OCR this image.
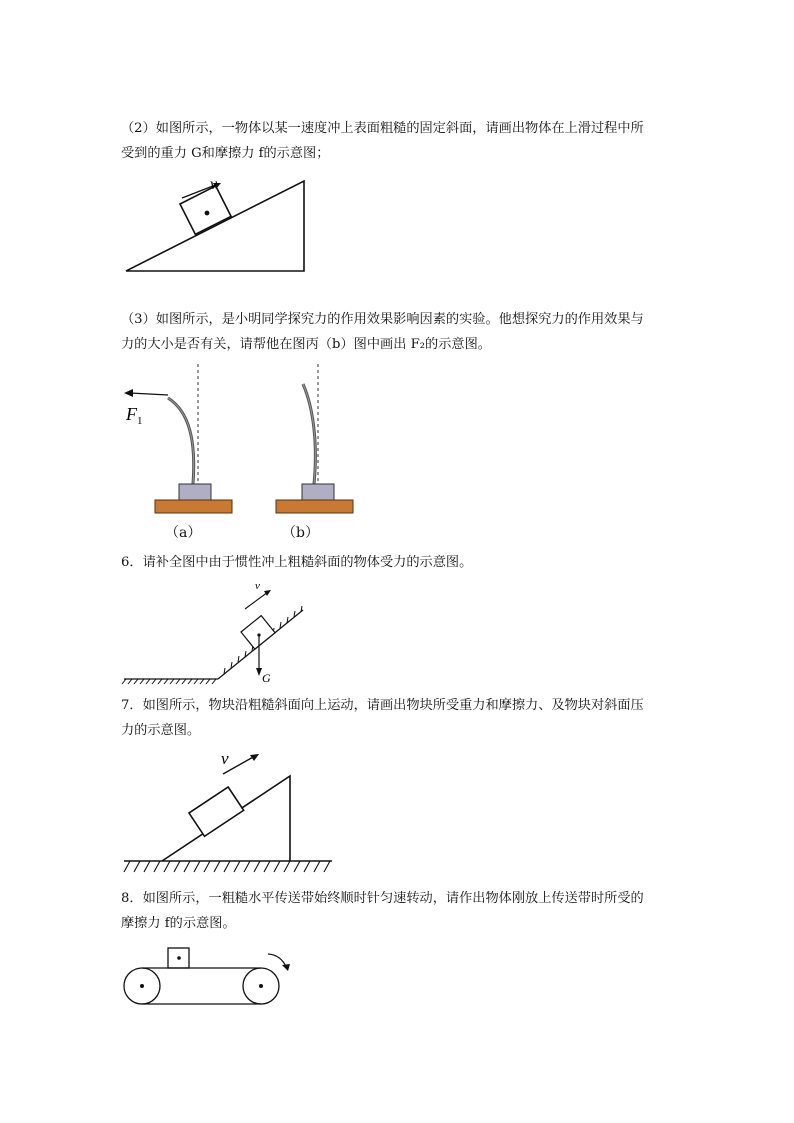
（2）如图所示，一物体以某一速度冲上表面粗糙的固定斜面，请画出物体在上滑过程中所
受到的重力 G和摩擦力 f的示意图；
v
（3）如图所示，是小明同学探究力的作用效果影响因素的实验。他想探究力的作用效果与
力的大小是否有关，请帮他在图丙（b）图中画出 F₂的示意图。
$F_1$
（a）	（b）
6．请补全图中由于惯性冲上粗糙斜面的物体受力的示意图。
G
v
7．如图所示，物块沿粗糙斜面向上运动，请画出物块所受重力和摩擦力、及物块对斜面压
力的示意图。
v
8．如图所示，一粗糙水平传送带始终顺时针匀速转动，请作出物体刚放上传送带时所受的
摩擦力 f的示意图。
